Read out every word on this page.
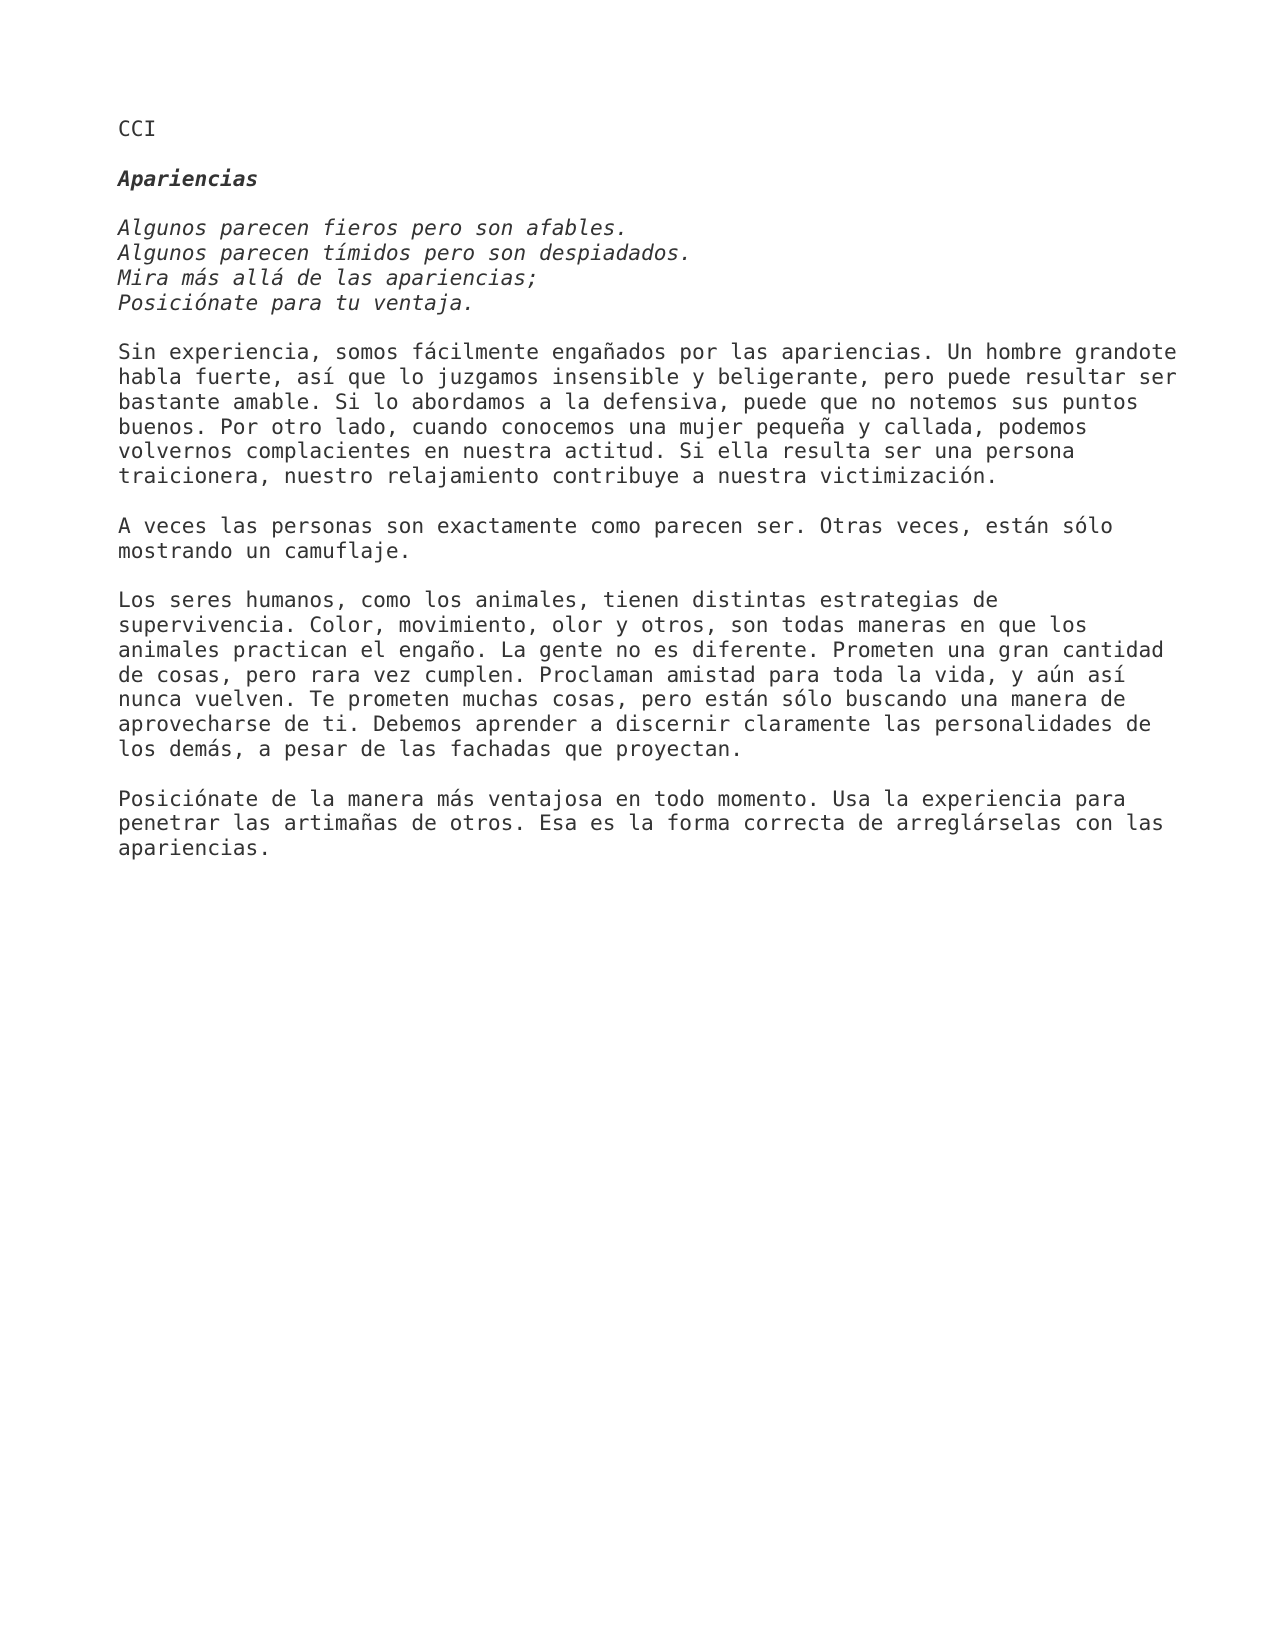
CCI
Apariencias
Algunos parecen fieros pero son afables.
Algunos parecen tímidos pero son despiadados.
Mira más allá de las apariencias;
Posiciónate para tu ventaja.
Sin experiencia, somos fácilmente engañados por las apariencias. Un hombre grandote
habla fuerte, así que lo juzgamos insensible y beligerante, pero puede resultar ser
bastante amable. Si lo abordamos a la defensiva, puede que no notemos sus puntos
buenos. Por otro lado, cuando conocemos una mujer pequeña y callada, podemos
volvernos complacientes en nuestra actitud. Si ella resulta ser una persona
traicionera, nuestro relajamiento contribuye a nuestra victimización.
A veces las personas son exactamente como parecen ser. Otras veces, están sólo
mostrando un camuflaje.
Los seres humanos, como los animales, tienen distintas estrategias de
supervivencia. Color, movimiento, olor y otros, son todas maneras en que los
animales practican el engaño. La gente no es diferente. Prometen una gran cantidad
de cosas, pero rara vez cumplen. Proclaman amistad para toda la vida, y aún así
nunca vuelven. Te prometen muchas cosas, pero están sólo buscando una manera de
aprovecharse de ti. Debemos aprender a discernir claramente las personalidades de
los demás, a pesar de las fachadas que proyectan.
Posiciónate de la manera más ventajosa en todo momento. Usa la experiencia para
penetrar las artimañas de otros. Esa es la forma correcta de arreglárselas con las
apariencias.
